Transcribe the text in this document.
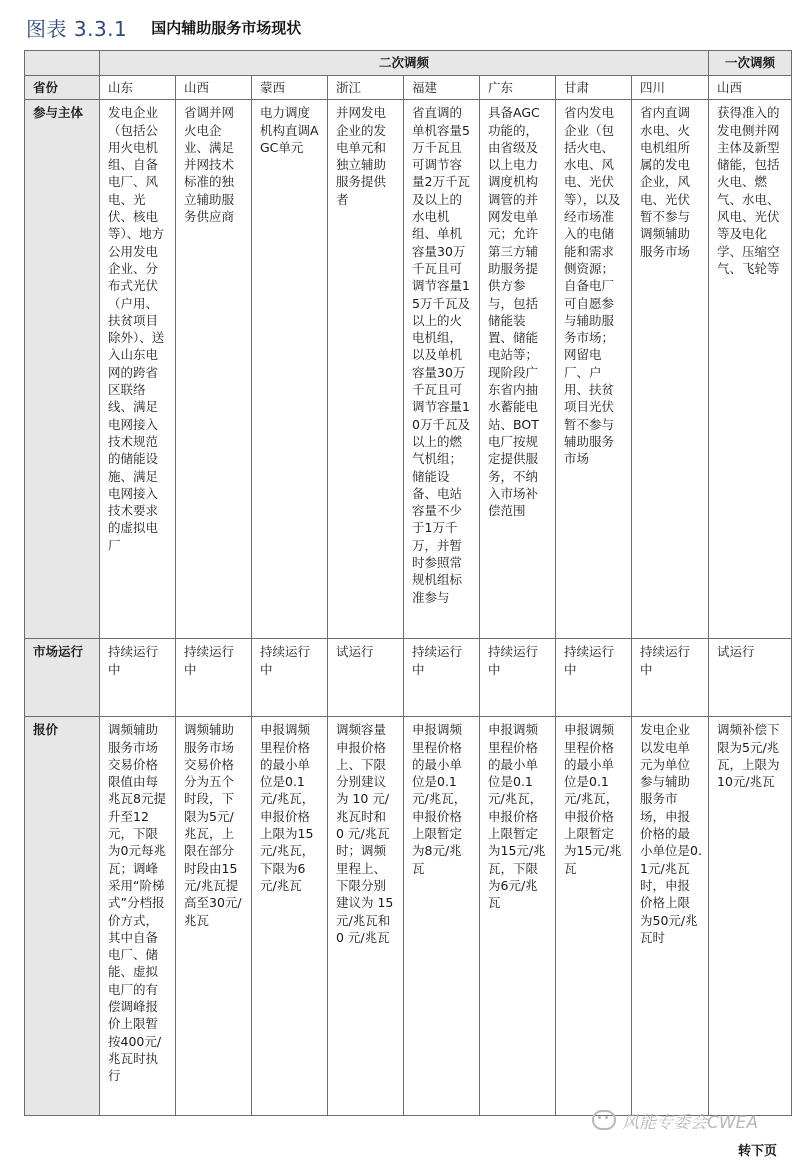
图表 3.3.1 国内辅助服务市场现状
	二次调频								一次调频
省份	山东	山西	蒙西	浙江	福建	广东	甘肃	四川	山西
参与主体	发电企业（包括公用火电机组、自备电厂、风电、光伏、核电等）、地方公用发电企业、分布式光伏（户用、扶贫项目除外）、送入山东电网的跨省区联络线、满足电网接入技术规范的储能设施、满足电网接入技术要求的虚拟电厂	省调并网火电企业、满足并网技术标准的独立辅助服务供应商	电力调度机构直调AGC单元	并网发电企业的发电单元和独立辅助服务提供者	省直调的单机容量5万千瓦且可调节容量2万千瓦及以上的水电机组、单机容量30万千瓦且可调节容量15万千瓦及以上的火电机组，以及单机容量30万千瓦且可调节容量10万千瓦及以上的燃气机组；储能设备、电站容量不少于1万千万，并暂时参照常规机组标准参与	具备AGC功能的，由省级及以上电力调度机构调管的并网发电单元；允许第三方辅助服务提供方参与，包括储能装置、储能电站等；现阶段广东省内抽水蓄能电站、BOT电厂按规定提供服务，不纳入市场补偿范围	省内发电企业（包括火电、水电、风电、光伏等），以及经市场准入的电储能和需求侧资源；自备电厂可自愿参与辅助服务市场；网留电厂、户用、扶贫项目光伏暂不参与辅助服务市场	省内直调水电、火电机组所属的发电企业，风电、光伏暂不参与调频辅助服务市场	获得准入的发电侧并网主体及新型储能，包括火电、燃气、水电、风电、光伏等及电化学、压缩空气、飞轮等
市场运行	持续运行中	持续运行中	持续运行中	试运行	持续运行中	持续运行中	持续运行中	持续运行中	试运行
报价	调频辅助服务市场交易价格限值由每兆瓦8元提升至12元，下限为0元每兆瓦；调峰采用“阶梯式”分档报价方式，其中自备电厂、储能、虚拟电厂的有偿调峰报价上限暂按400元/兆瓦时执行	调频辅助服务市场交易价格分为五个时段，下限为5元/兆瓦，上限在部分时段由15元/兆瓦提高至30元/兆瓦	申报调频里程价格的最小单位是0.1元/兆瓦，申报价格上限为15元/兆瓦，下限为6元/兆瓦	调频容量申报价格上、下限分别建议为 10 元/兆瓦时和 0 元/兆瓦时；调频里程上、下限分别建议为 15 元/兆瓦和 0 元/兆瓦	申报调频里程价格的最小单位是0.1元/兆瓦，申报价格上限暂定为8元/兆瓦	申报调频里程价格的最小单位是0.1元/兆瓦，申报价格上限暂定为15元/兆瓦，下限为6元/兆瓦	申报调频里程价格的最小单位是0.1元/兆瓦，申报价格上限暂定为15元/兆瓦	发电企业以发电单元为单位参与辅助服务市场，申报价格的最小单位是0.1元/兆瓦时，申报价格上限为50元/兆瓦时	调频补偿下限为5元/兆瓦，上限为10元/兆瓦
风能专委会CWEA
转下页
